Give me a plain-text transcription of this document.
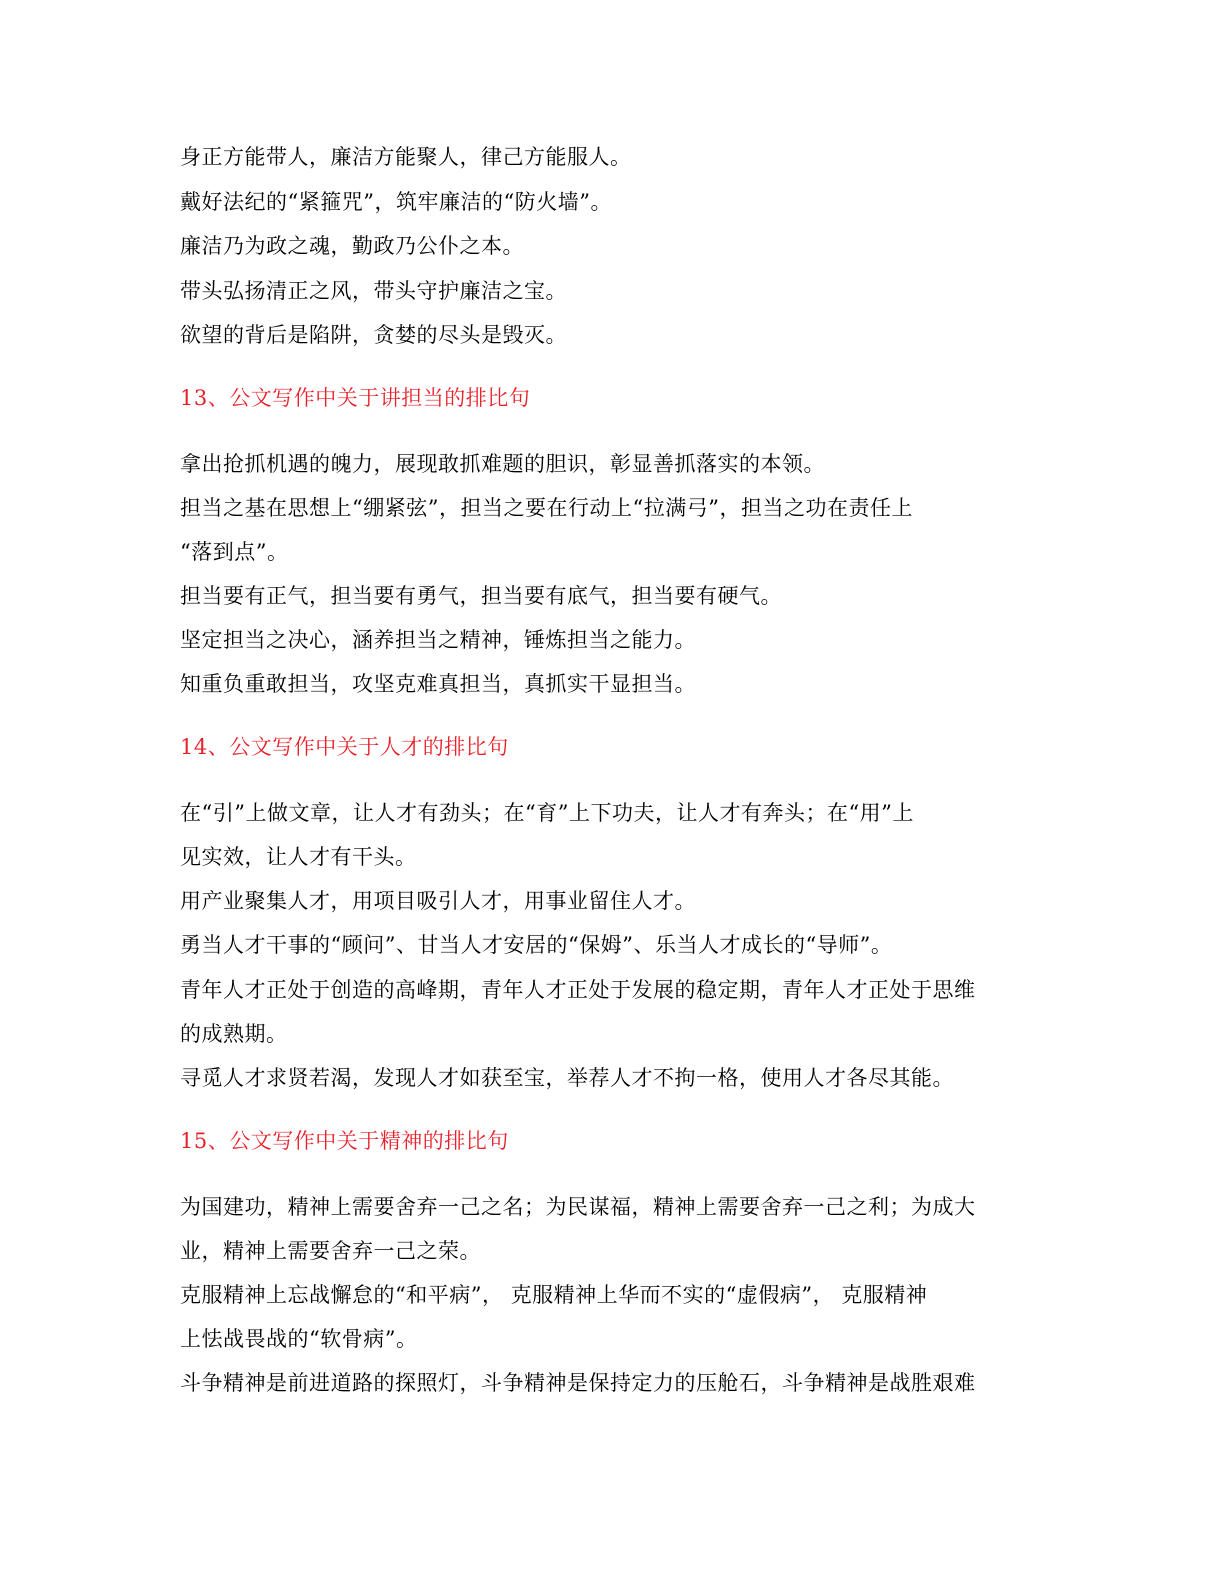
身正方能带人，廉洁方能聚人，律己方能服人。
戴好法纪的“紧箍咒”，筑牢廉洁的“防火墙”。
廉洁乃为政之魂，勤政乃公仆之本。
带头弘扬清正之风，带头守护廉洁之宝。
欲望的背后是陷阱，贪婪的尽头是毁灭。
13、公文写作中关于讲担当的排比句
拿出抢抓机遇的魄力，展现敢抓难题的胆识，彰显善抓落实的本领。
担当之基在思想上“绷紧弦”，担当之要在行动上“拉满弓”，担当之功在责任上
“落到点”。
担当要有正气，担当要有勇气，担当要有底气，担当要有硬气。
坚定担当之决心，涵养担当之精神，锤炼担当之能力。
知重负重敢担当，攻坚克难真担当，真抓实干显担当。
14、公文写作中关于人才的排比句
在“引”上做文章，让人才有劲头；在“育”上下功夫，让人才有奔头；在“用”上
见实效，让人才有干头。
用产业聚集人才，用项目吸引人才，用事业留住人才。
勇当人才干事的“顾问”、甘当人才安居的“保姆”、乐当人才成长的“导师”。
青年人才正处于创造的高峰期，青年人才正处于发展的稳定期，青年人才正处于思维
的成熟期。
寻觅人才求贤若渴，发现人才如获至宝，举荐人才不拘一格，使用人才各尽其能。
15、公文写作中关于精神的排比句
为国建功，精神上需要舍弃一己之名；为民谋福，精神上需要舍弃一己之利；为成大
业，精神上需要舍弃一己之荣。
克服精神上忘战懈怠的“和平病”， 克服精神上华而不实的“虚假病”， 克服精神
上怯战畏战的“软骨病”。
斗争精神是前进道路的探照灯，斗争精神是保持定力的压舱石，斗争精神是战胜艰难
